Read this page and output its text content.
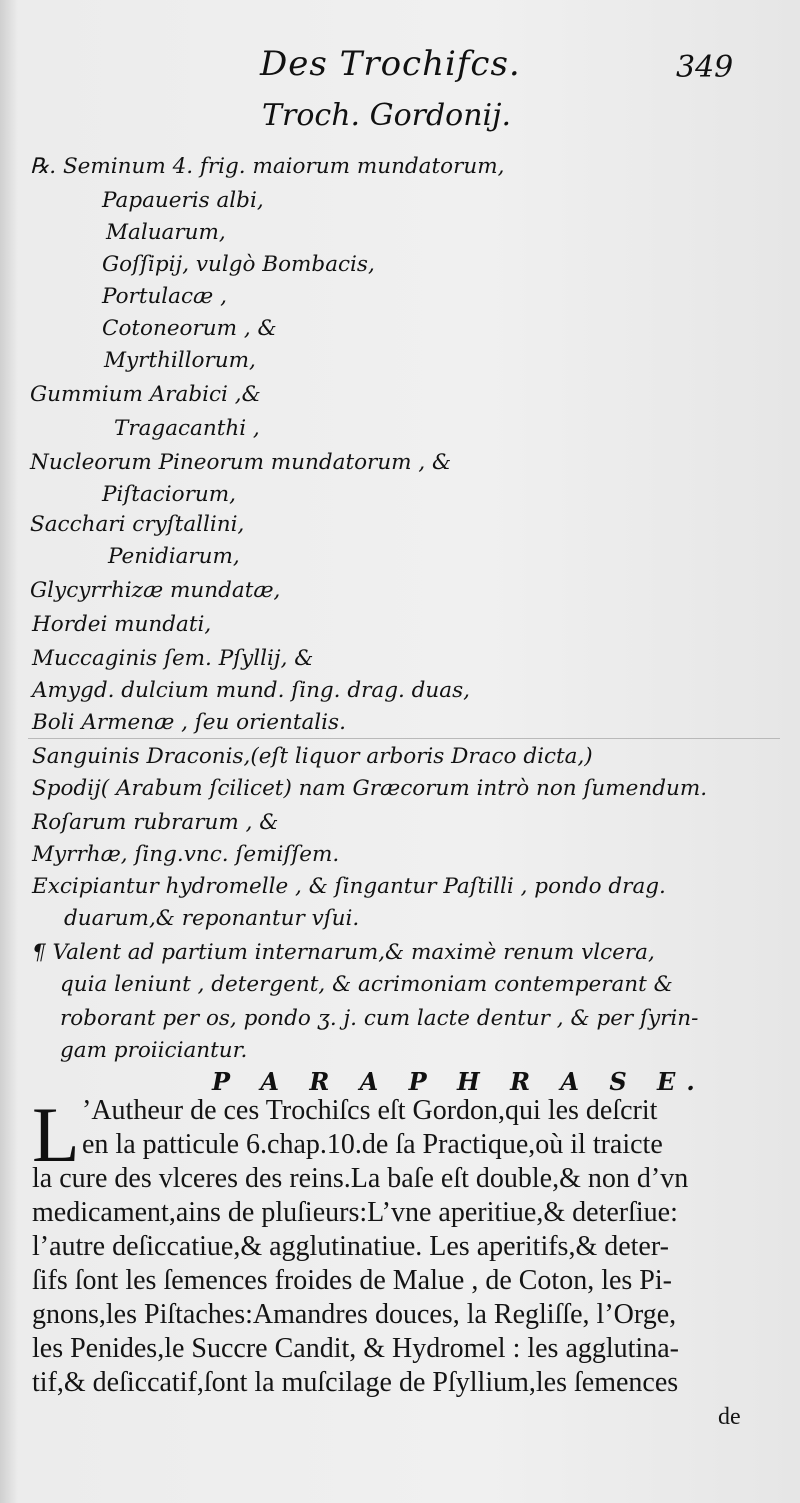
Des Trochifcs.	349
Troch. Gordonij.
℞. Seminum 4. frig. maiorum mundatorum,
Papaueris albi,
Maluarum,
Goſſipij, vulgò Bombacis,
Portulacæ ,
Cotoneorum , &
Myrthillorum,
Gummium Arabici ,&
Tragacanthi ,
Nucleorum Pineorum mundatorum , &
Piſtaciorum,
Sacchari cryſtallini,
Penidiarum,
Glycyrrhizæ mundatæ,
Hordei mundati,
Muccaginis ſem. Pſyllij, &
Amygd. dulcium mund. ſing. drag. duas,
Boli Armenæ , ſeu orientalis.
Sanguinis Draconis,(eſt liquor arboris Draco dicta,)
Spodij( Arabum ſcilicet) nam Græcorum intrò non ſumendum.
Roſarum rubrarum , &
Myrrhæ, ſing.vnc. ſemiſſem.
Excipiantur hydromelle , & ſingantur Paſtilli , pondo drag.
duarum,& reponantur vſui.
¶ Valent ad partium internarum,& maximè renum vlcera,
quia leniunt , detergent, & acrimoniam contemperant &
roborant per os, pondo ʒ. j. cum lacte dentur , & per ſyrin-
gam proiiciantur.
P A R A P H R A S E.
L ’Autheur de ces Trochiſcs eſt Gordon,qui les deſcrit
en la patticule 6.chap.10.de ſa Practique,où il traicte
la cure des vlceres des reins.La baſe eſt double,& non d’vn
medicament,ains de pluſieurs:L’vne aperitiue,& deterſiue:
l’autre deſiccatiue,& agglutinatiue. Les aperitifs,& deter-
ſifs ſont les ſemences froides de Malue , de Coton, les Pi-
gnons,les Piſtaches:Amandres douces, la Regliſſe, l’Orge,
les Penides,le Succre Candit, & Hydromel : les agglutina-
tif,& deſiccatif,ſont la muſcilage de Pſyllium,les ſemences
de
